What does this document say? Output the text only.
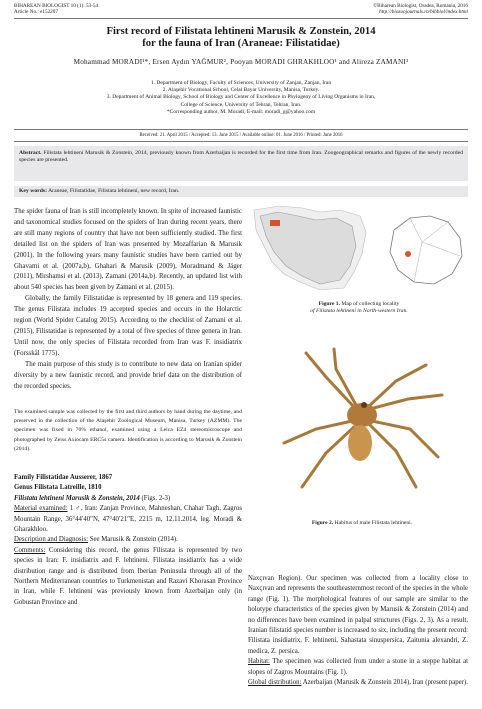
BIHAREAN BIOLOGIST 10 (1): 53-54
Article No.: e152207
©Biharean Biologist, Oradea, Romania, 2016
http://biozoojournals.ro/bihbiol/index.html
First record of Filistata lehtineni Marusik & Zonstein, 2014
for the fauna of Iran (Araneae: Filistatidae)
Mohammad MORADI¹*, Ersen Aydın YAĞMUR², Pooyan MORADI GHRAKHLOO¹ and Alireza ZAMANI³
1. Department of Biology, Faculty of Sciences, University of Zanjan, Zanjan, Iran
2. Alaşehir Vocational School, Celal Bayar University, Manisa, Turkey.
3. Department of Animal Biology, School of Biology and Center of Excellence in Phylogeny of Living Organisms in Iran,
College of Science, University of Tehran, Tehran, Iran.
*Corresponding author, M. Moradi, E-mail: moradi_g@yahoo.com
Received: 21. April 2015 / Accepted: 13. June 2015 / Available online: 01. June 2016 / Printed: June 2016
Abstract. Filistata lehtineni Marusik & Zonstein, 2014, previously known from Azerbaijan is recorded for the first time from Iran. Zoogeographical remarks and figures of the newly recorded species are presented.
Key words: Araneae, Filistatidae, Filistata lehtineni, new record, Iran.

The spider fauna of Iran is still incompletely known. In spite of increased faunistic and taxonomical studies focused on the spiders of Iran during recent years, there are still many regions of country that have not been sufficiently studied. The first detailed list on the spiders of Iran was presented by Mozaffarian & Marusik (2001). In the following years many faunistic studies have been carried out by Ghavami et al. (2007a,b), Ghahari & Marusik (2009), Moradmand & Jäger (2011), Mirshamsi et al. (2013), Zamani (2014a,b). Recently, an updated list with about 540 species has been given by Zamani et al. (2015).

Globally, the family Filistatidae is represented by 18 genera and 119 species. The genus Filistata includes 19 accepted species and occurs in the Holarctic region (World Spider Catalog 2015). According to the checklist of Zamani et al. (2015), Filistatidae is represented by a total of five species of three genera in Iran. Until now, the only species of Filistata recorded from Iran was F. insidiatrix (Forsskål 1775).

The main purpose of this study is to contribute to new data on Iranian spider diversity by a new faunistic record, and provide brief data on the distribution of the recorded species.

The examined sample was collected by the first and third authors by hand during the daytime, and preserved in the collection of the Alaşehir Zoological Museum, Manisa, Turkey (AZMM). The specimen was fixed in 70% ethanol, examined using a Leica EZ4 stereomicroscope and photographed by Zeiss Axiocam ERC5s camera. Identification is according to Marusik & Zonstein (2014).

Family Filistatidae Ausserer, 1867

Genus Filistata Latreille, 1810

Filistata lehtineni Marusik & Zonstein, 2014 (Figs. 2-3)

Material examined: 1 ♂, Iran: Zanjan Province, Mahneshan, Chahar Tagh, Zagros Mountain Range, 36°44′40″N, 47°40′21″E, 2215 m, 12.11.2014, leg. Moradi & Gharakhloo.

Description and Diagnosis: See Marusik & Zonstein (2014).

Comments: Considering this record, the genus Filistata is represented by two species in Iran: F. insidiatrix and F. lehtineni. Filistata insidiatrix has a wide distribution range and is distributed from Iberian Peninsula through all of the Northern Mediterranean countries to Turkmenistan and Razavi Khorasan Province in Iran, while F. lehtineni was previously known from Azerbaijan only (in Gobustan Province and

Figure 1. Map of collecting locality
of Filistata lehtineni in North-western Iran.
Figure 2. Habitus of male Filistata lehtineni.

Naxçıvan Region). Our specimen was collected from a locality close to Naxçıvan and represents the southeasternmost record of the species in the whole range (Fig. 1). The morphological features of our sample are similar to the holotype characteristics of the species given by Marusik & Zonstein (2014) and no differences have been examined in palpal structures (Figs. 2, 3). As a result, Iranian filistatid species number is increased to six, including the present record: Filistata insidiatrix, F. lehtineni, Sahastata sinuspersica, Zaitunia alexandri, Z. medica, Z. persica.

Habitat: The specimen was collected from under a stone in a steppe habitat at slopes of Zagros Mountains (Fig. 1).

Global distribution: Azerbaijan (Marusik & Zonstein 2014), Iran (present paper).
